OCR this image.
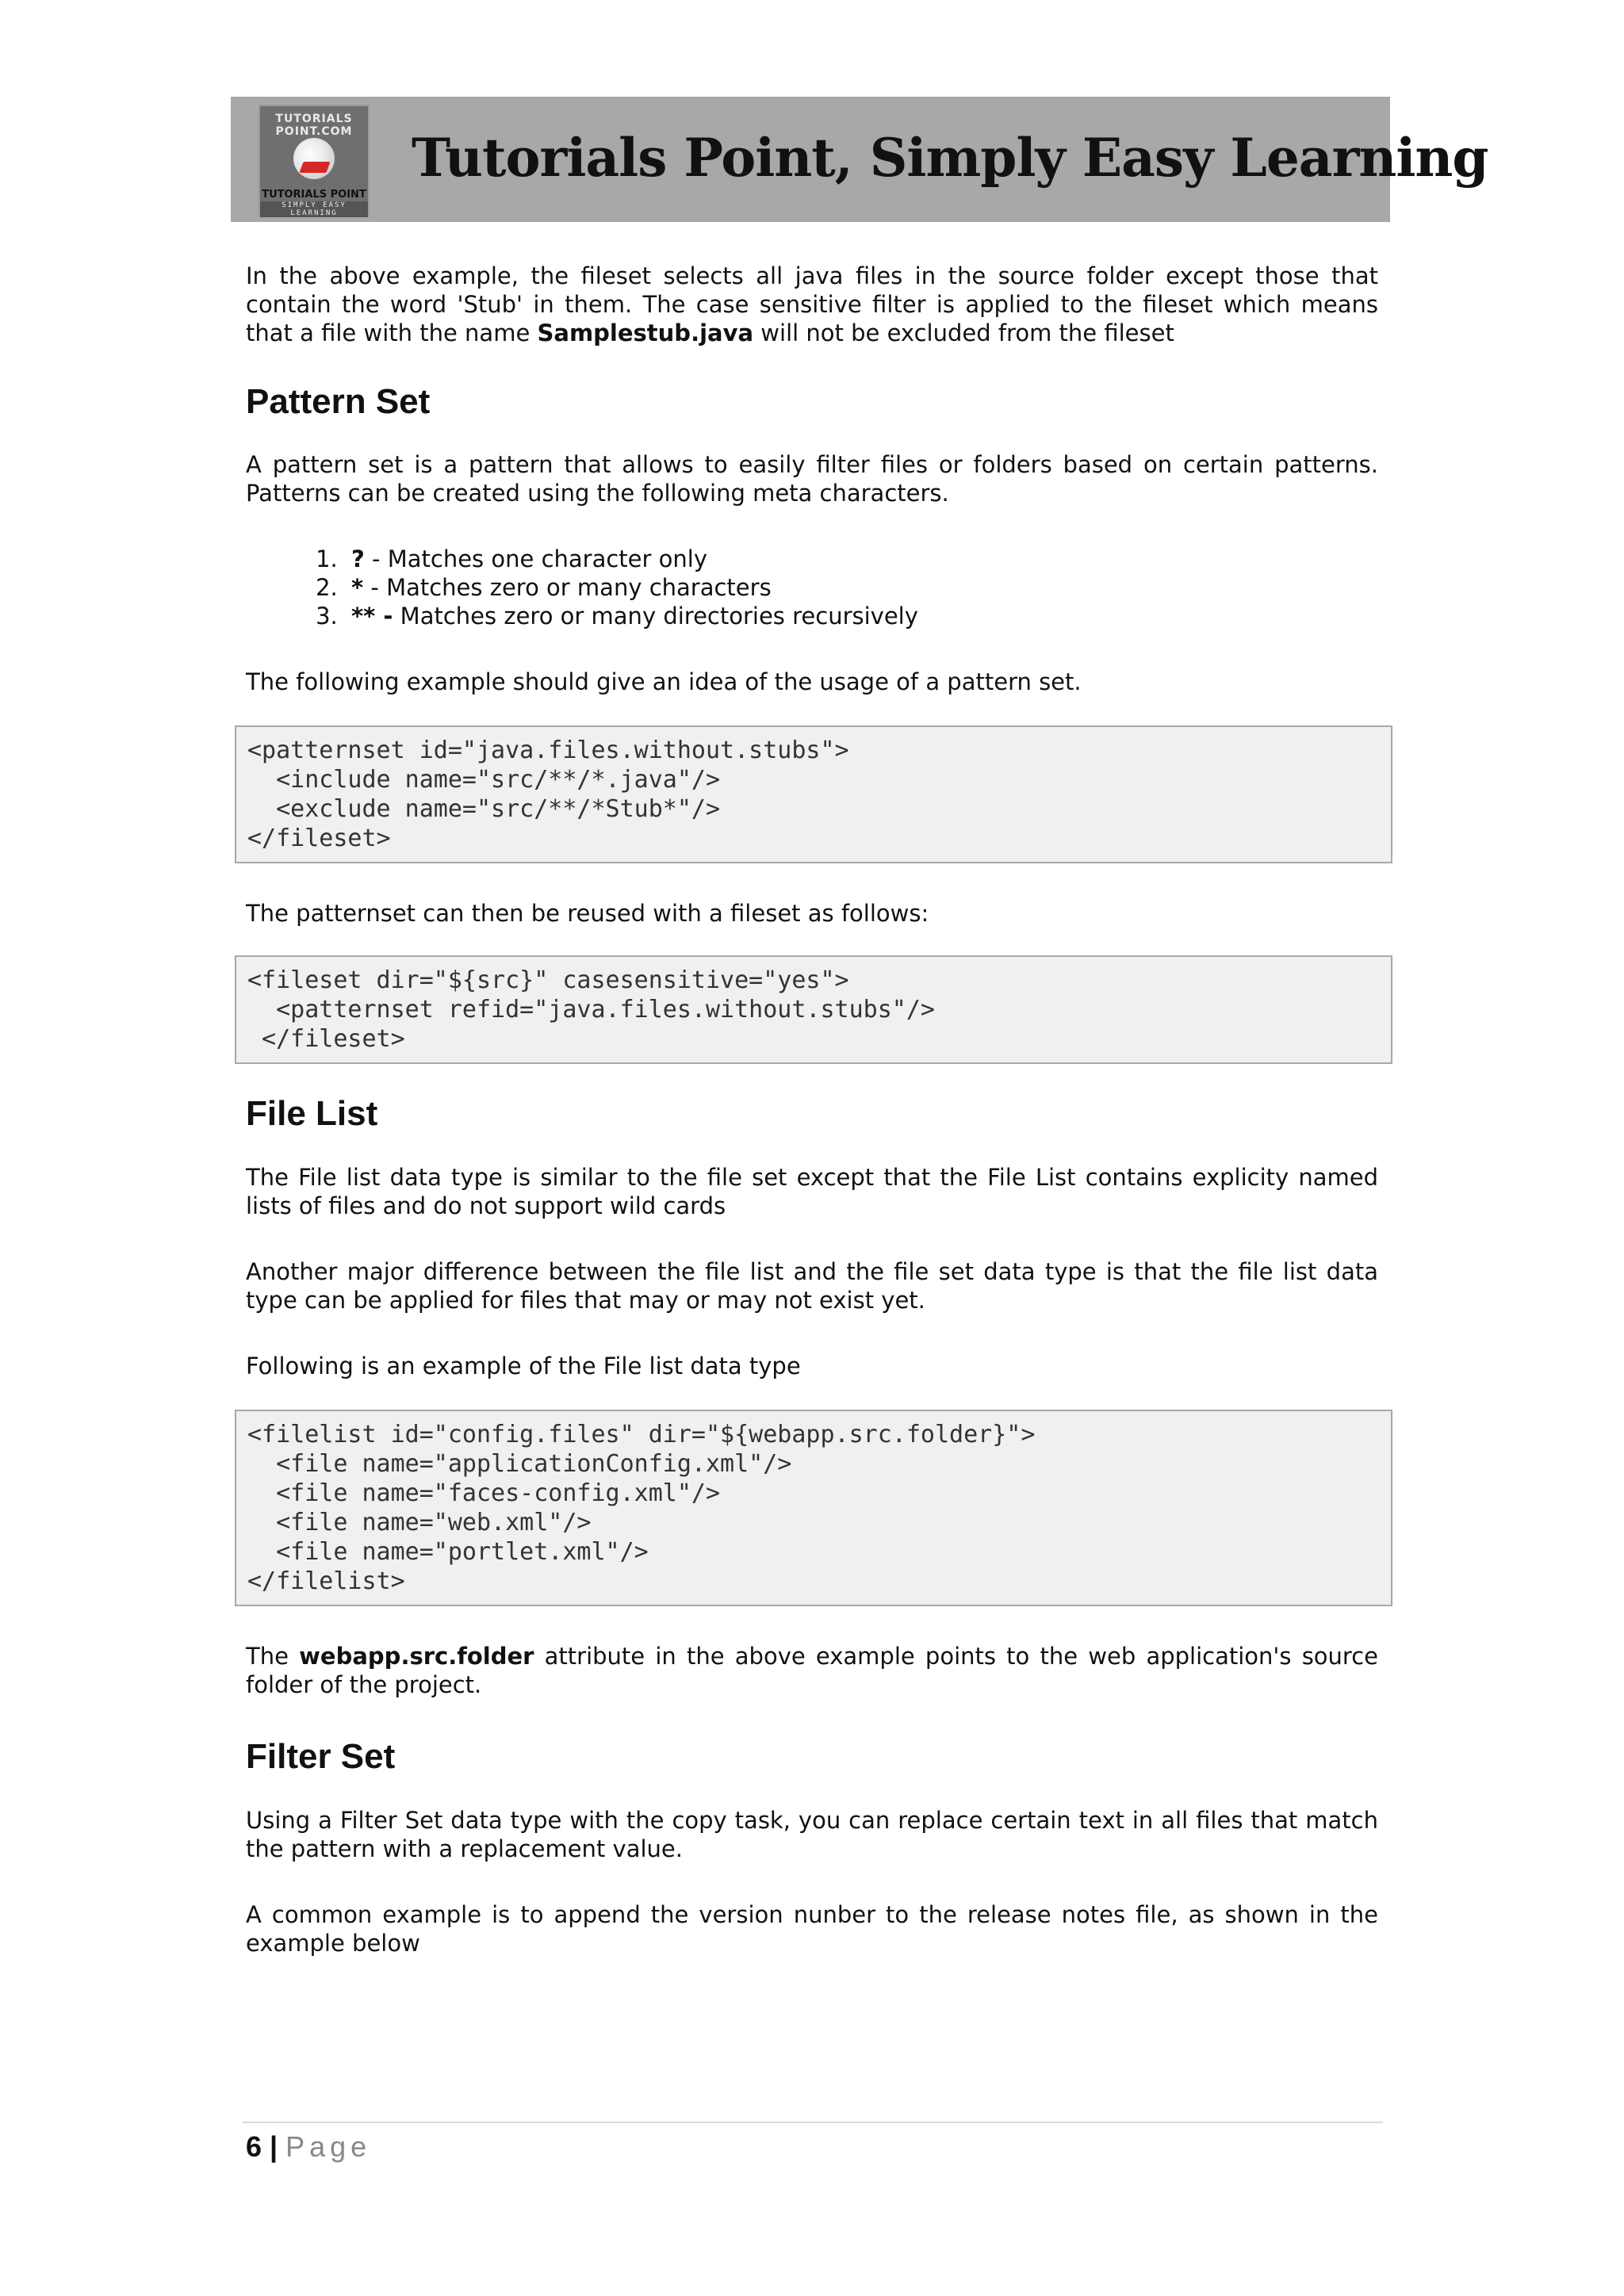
TUTORIALS POINT.COM
TUTORIALS POINT
SIMPLY EASY LEARNING
Tutorials Point, Simply Easy Learning

In the above example, the fileset selects all java files in the source folder except those that contain the word 'Stub' in them. The case sensitive filter is applied to the fileset which means that a file with the name Samplestub.java will not be excluded from the fileset

Pattern Set

A pattern set is a pattern that allows to easily filter files or folders based on certain patterns. Patterns can be created using the following meta characters.

1. ? - Matches one character only
2. * - Matches zero or many characters
3. ** - Matches zero or many directories recursively

The following example should give an idea of the usage of a pattern set.

<patternset id="java.files.without.stubs">
<include name="src/**/*.java"/>
<exclude name="src/**/*Stub*"/>
</fileset>

The patternset can then be reused with a fileset as follows:

<fileset dir="${src}" casesensitive="yes">
<patternset refid="java.files.without.stubs"/>
</fileset>
File List

The File list data type is similar to the file set except that the File List contains explicity named lists of files and do not support wild cards

Another major difference between the file list and the file set data type is that the file list data type can be applied for files that may or may not exist yet.

Following is an example of the File list data type

<filelist id="config.files" dir="${webapp.src.folder}">
<file name="applicationConfig.xml"/>
<file name="faces-config.xml"/>
<file name="web.xml"/>
<file name="portlet.xml"/>
</filelist>

The webapp.src.folder attribute in the above example points to the web application's source folder of the project.

Filter Set

Using a Filter Set data type with the copy task, you can replace certain text in all files that match the pattern with a replacement value.

A common example is to append the version nunber to the release notes file, as shown in the example below

6 | Page
